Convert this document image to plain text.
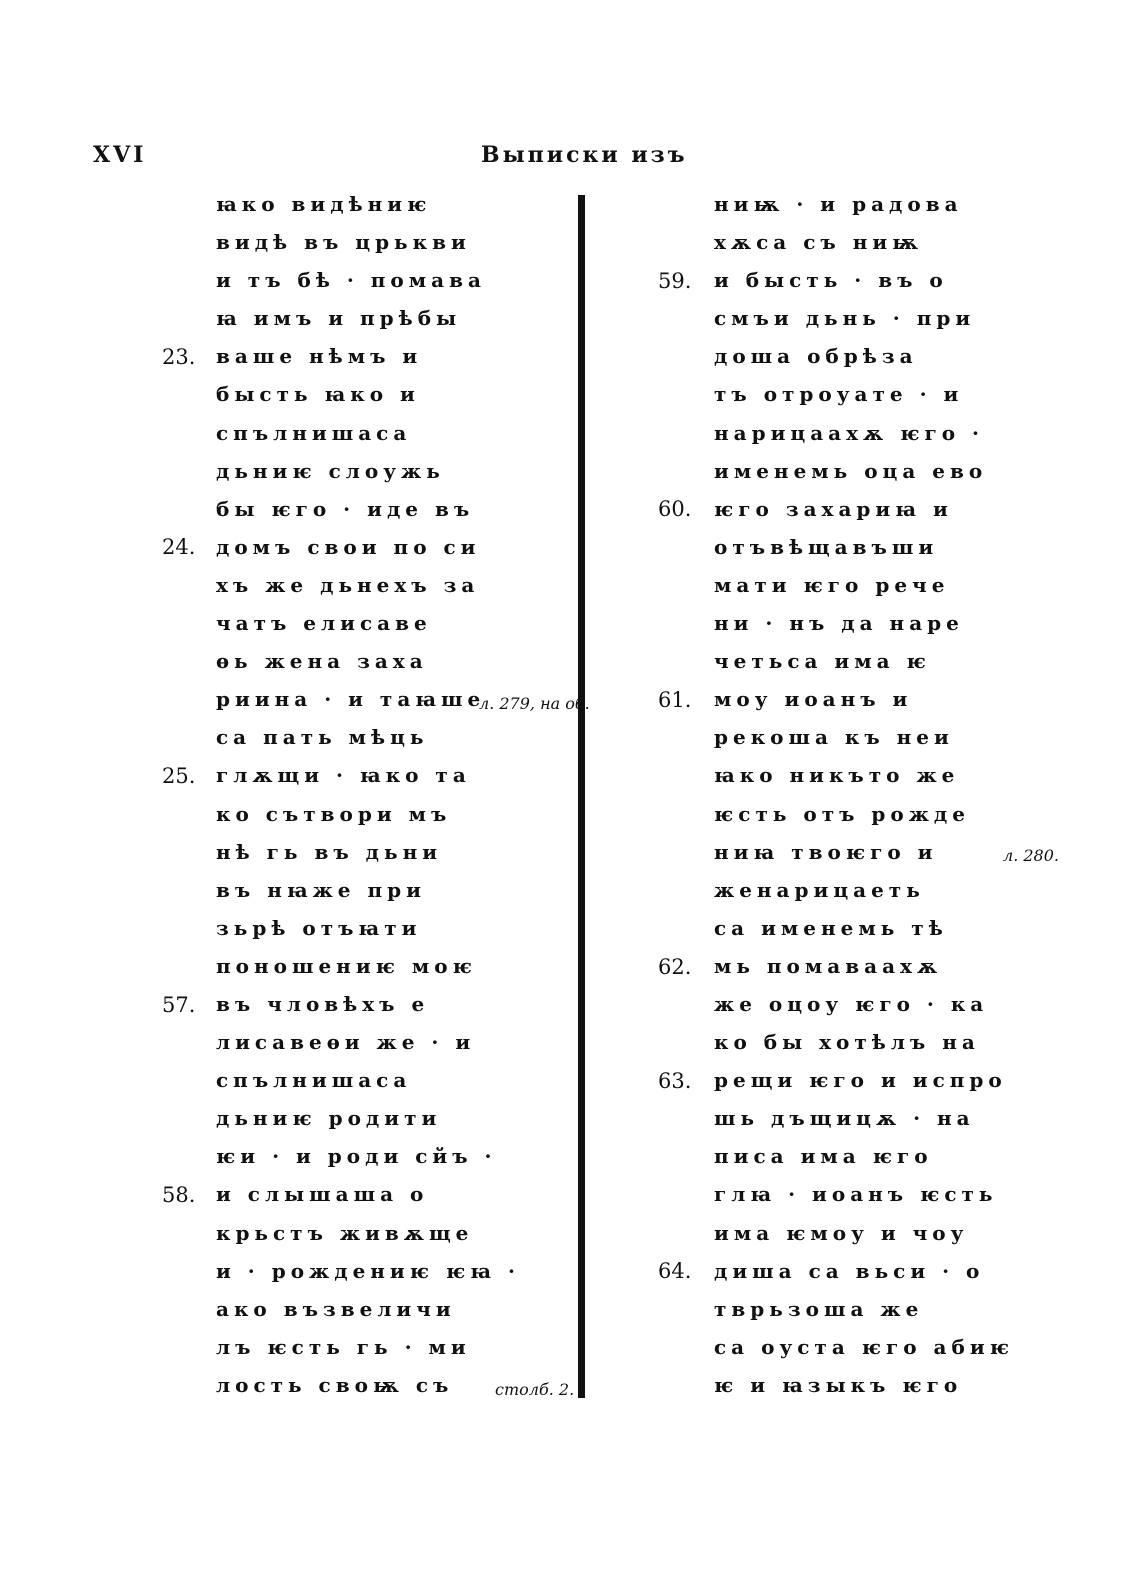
XVI	Выписки изъ
ꙗко видѣниѥ
видѣ въ црькви
и тъ бѣ · помава
ꙗ имъ и прѣбы
ваше нѣмъ и
бысть ꙗко и
спълнишаса
дьниѥ слоужь
бы ѥго · иде въ
домъ свои по си
хъ же дьнехъ за
чатъ елисаве
ѳь жена заха
риина · и таꙗше
са пать мѣць
глѫщи · ꙗко та
ко сътвори мъ
нѣ гь въ дьни
въ нꙗже при
зьрѣ отъꙗти
поношениѥ моѥ
въ чловѣхъ е
лисавеѳи же · и
спълнишаса
дьниѥ родити
ѥи · и роди сйъ ·
и слышаша о
крьстъ живѫще
и · рождениѥ ѥꙗ ·
ако възвеличи
лъ ѥсть гь · ми
лость своѭ съ
ниѭ · и радова
хѫса съ ниѭ
и бысть · въ о
смъи дьнь · при
доша обрѣза
тъ отроуате · и
нарицаахѫ ѥго ·
именемь оца ево
ѥго захариꙗ и
отъвѣщавъши
мати ѥго рече
ни · нъ да наре
четьса има ѥ
моу иоанъ и
рекоша къ неи
ꙗко никъто же
ѥсть отъ рожде
ниꙗ твоѥго и
женарицаеть
са именемь тѣ
мь помаваахѫ
же оцоу ѥго · ка
ко бы хотѣлъ на
рещи ѥго и испро
шь дъщицѫ · на
писа има ѥго
глꙗ · иоанъ ѥсть
има ѥмоу и чоу
диша са вьси · о
тврьзоша же
са оуста ѥго абиѥ
ѥ и ꙗзыкъ ѥго
23.
24.
25.
57.
58.
59.
60.
61.
62.
63.
64.
л. 279, на об.
столб. 2.
л. 280.
